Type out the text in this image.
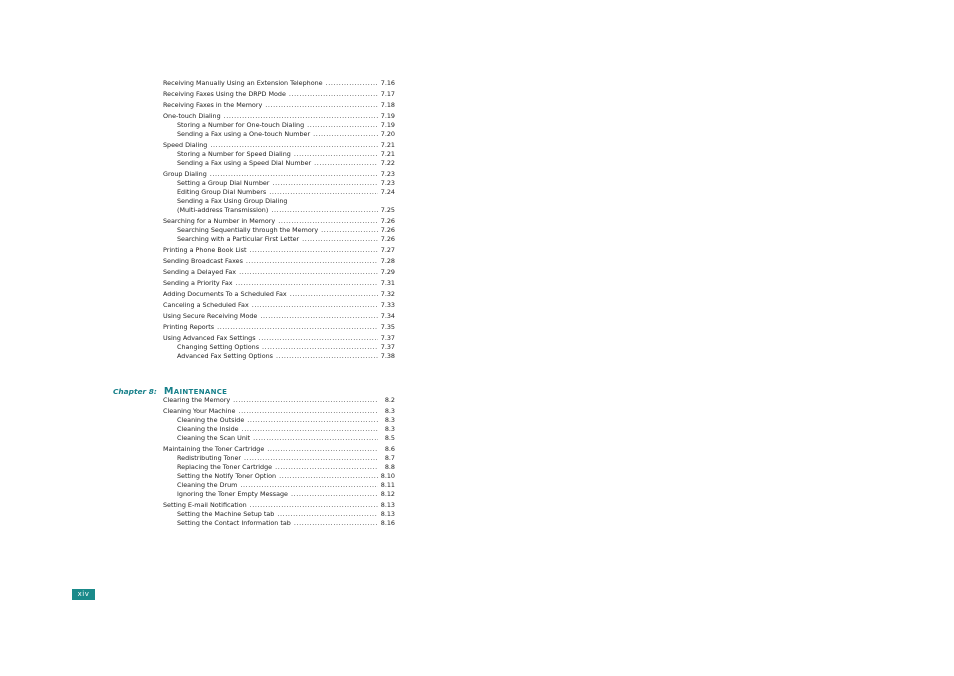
Receiving Manually Using an Extension Telephone .....	7.16
Receiving Faxes Using the DRPD Mode .....	7.17
Receiving Faxes in the Memory .....	7.18
One-touch Dialing .....	7.19
Storing a Number for One-touch Dialing .....	7.19
Sending a Fax using a One-touch Number .....	7.20
Speed Dialing .....	7.21
Storing a Number for Speed Dialing .....	7.21
Sending a Fax using a Speed Dial Number .....	7.22
Group Dialing .....	7.23
Setting a Group Dial Number .....	7.23
Editing Group Dial Numbers .....	7.24
Sending a Fax Using Group Dialing
(Multi-address Transmission) .....	7.25
Searching for a Number in Memory .....	7.26
Searching Sequentially through the Memory .....	7.26
Searching with a Particular First Letter .....	7.26
Printing a Phone Book List .....	7.27
Sending Broadcast Faxes .....	7.28
Sending a Delayed Fax .....	7.29
Sending a Priority Fax .....	7.31
Adding Documents To a Scheduled Fax .....	7.32
Canceling a Scheduled Fax .....	7.33
Using Secure Receiving Mode .....	7.34
Printing Reports .....	7.35
Using Advanced Fax Settings .....	7.37
Changing Setting Options .....	7.37
Advanced Fax Setting Options .....	7.38
Chapter 8: Maintenance
Clearing the Memory .....	8.2
Cleaning Your Machine .....	8.3
Cleaning the Outside .....	8.3
Cleaning the Inside .....	8.3
Cleaning the Scan Unit .....	8.5
Maintaining the Toner Cartridge .....	8.6
Redistributing Toner .....	8.7
Replacing the Toner Cartridge .....	8.8
Setting the Notify Toner Option .....	8.10
Cleaning the Drum .....	8.11
Ignoring the Toner Empty Message .....	8.12
Setting E-mail Notification .....	8.13
Setting the Machine Setup tab .....	8.13
Setting the Contact Information tab .....	8.16
xiv
